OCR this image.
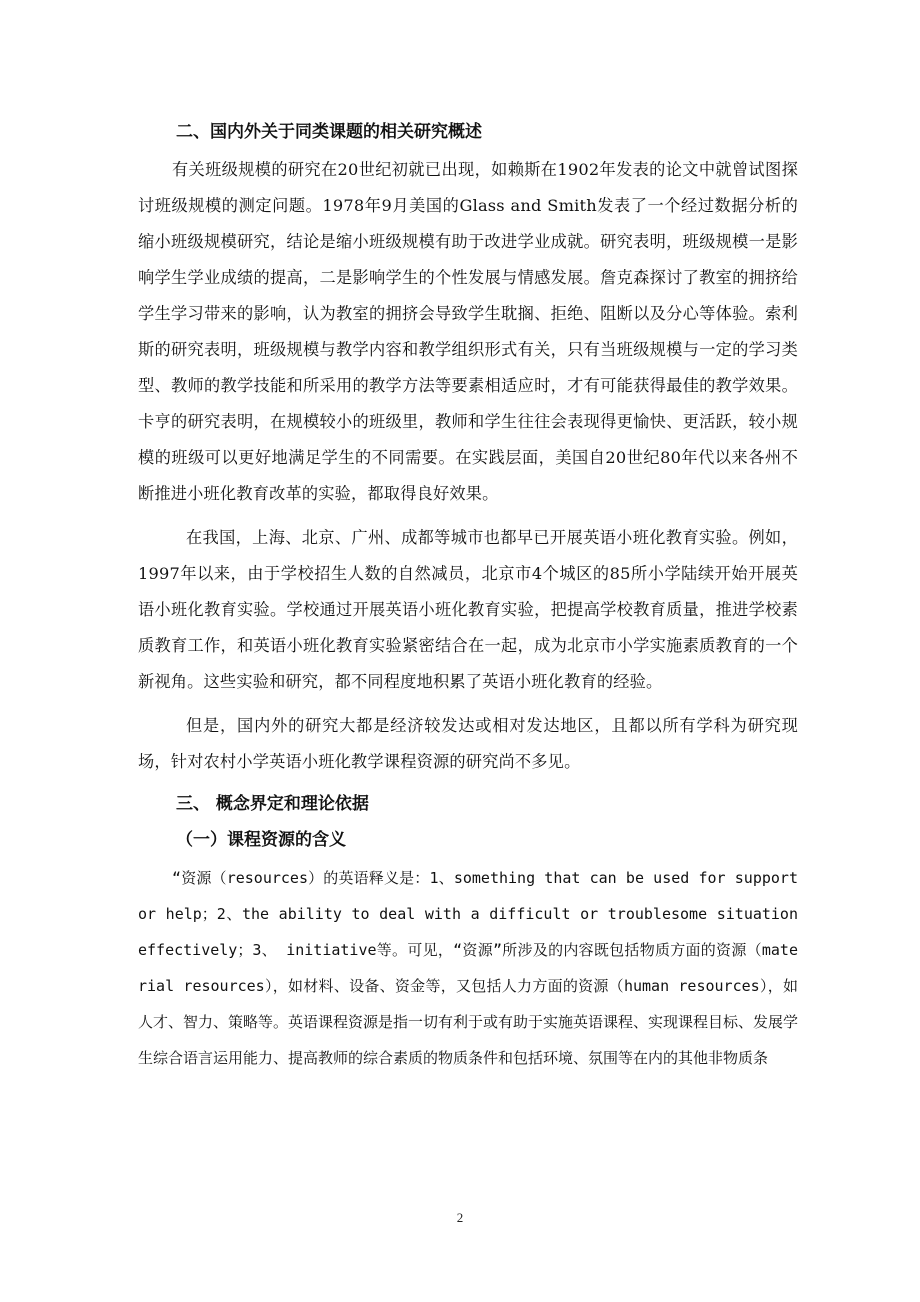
二、国内外关于同类课题的相关研究概述

有关班级规模的研究在20世纪初就已出现，如赖斯在1902年发表的论文中就曾试图探讨班级规模的测定问题。1978年9月美国的Glass and Smith发表了一个经过数据分析的缩小班级规模研究，结论是缩小班级规模有助于改进学业成就。研究表明，班级规模一是影响学生学业成绩的提高，二是影响学生的个性发展与情感发展。詹克森探讨了教室的拥挤给学生学习带来的影响，认为教室的拥挤会导致学生耽搁、拒绝、阻断以及分心等体验。索利斯的研究表明，班级规模与教学内容和教学组织形式有关，只有当班级规模与一定的学习类型、教师的教学技能和所采用的教学方法等要素相适应时，才有可能获得最佳的教学效果。卡亨的研究表明，在规模较小的班级里，教师和学生往往会表现得更愉快、更活跃，较小规模的班级可以更好地满足学生的不同需要。在实践层面，美国自20世纪80年代以来各州不断推进小班化教育改革的实验，都取得良好效果。

在我国，上海、北京、广州、成都等城市也都早已开展英语小班化教育实验。例如，1997年以来，由于学校招生人数的自然减员，北京市4个城区的85所小学陆续开始开展英语小班化教育实验。学校通过开展英语小班化教育实验，把提高学校教育质量，推进学校素质教育工作，和英语小班化教育实验紧密结合在一起，成为北京市小学实施素质教育的一个新视角。这些实验和研究，都不同程度地积累了英语小班化教育的经验。

但是，国内外的研究大都是经济较发达或相对发达地区，且都以所有学科为研究现场，针对农村小学英语小班化教学课程资源的研究尚不多见。

三、 概念界定和理论依据
（一）课程资源的含义

“资源（resources）的英语释义是：1、something that can be used for support or help；2、the ability to deal with a difficult or troublesome situation effectively；3、 initiative等。可见，“资源”所涉及的内容既包括物质方面的资源（material resources），如材料、设备、资金等，又包括人力方面的资源（human resources），如人才、智力、策略等。英语课程资源是指一切有利于或有助于实施英语课程、实现课程目标、发展学生综合语言运用能力、提高教师的综合素质的物质条件和包括环境、氛围等在内的其他非物质条

2
